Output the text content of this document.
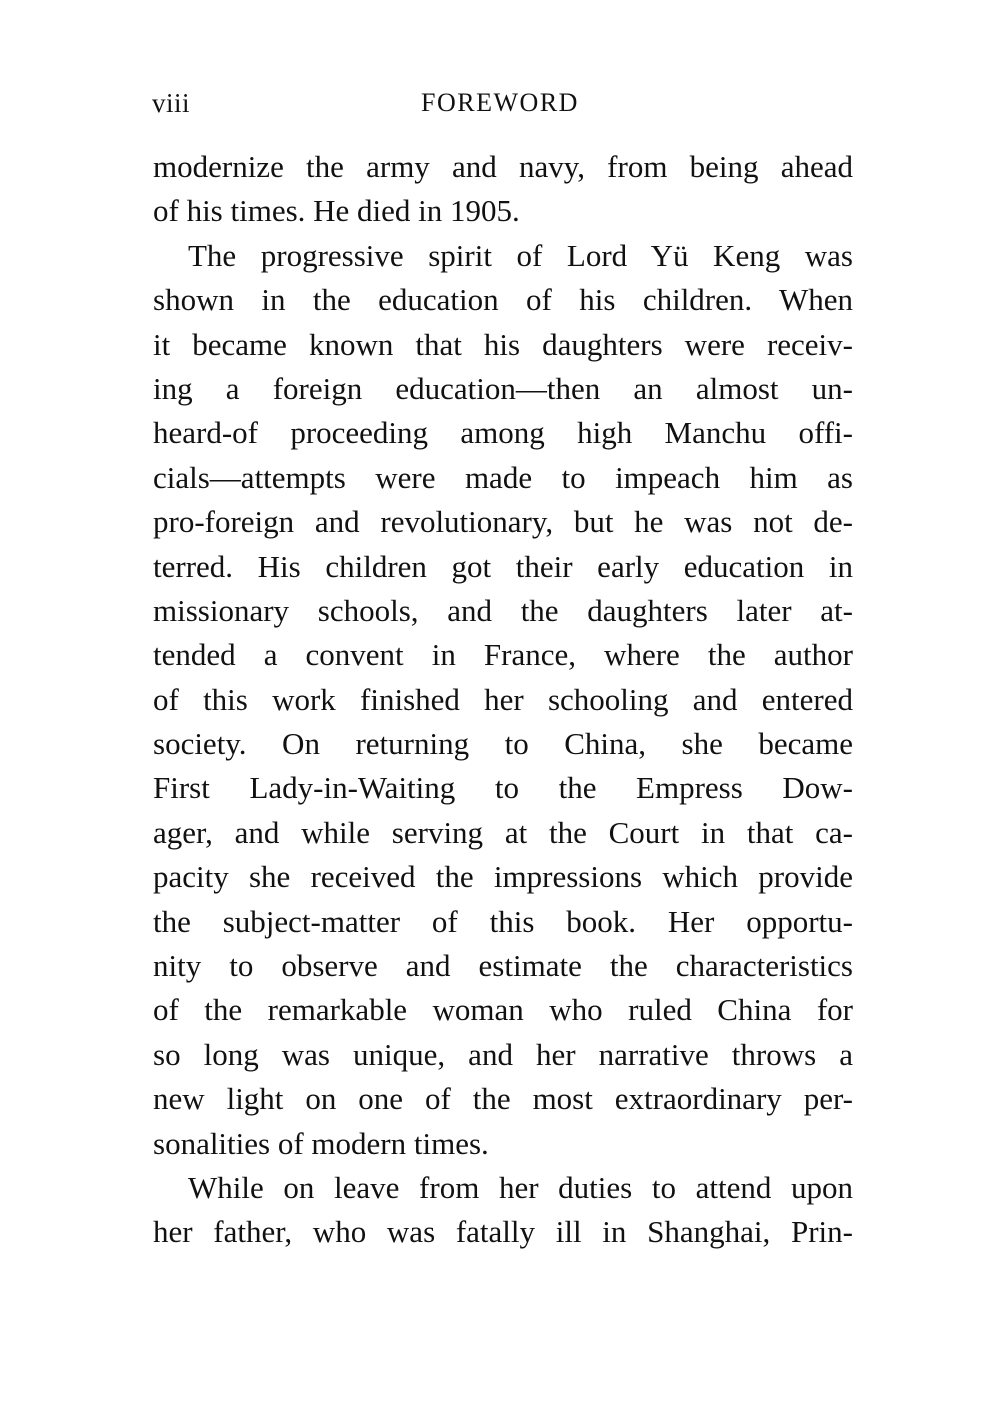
viii	FOREWORD
modernize the army and navy, from being ahead
of his times. He died in 1905.
The progressive spirit of Lord Yü Keng was
shown in the education of his children. When
it became known that his daughters were receiv-
ing a foreign education—then an almost un-
heard-of proceeding among high Manchu offi-
cials—attempts were made to impeach him as
pro-foreign and revolutionary, but he was not de-
terred. His children got their early education in
missionary schools, and the daughters later at-
tended a convent in France, where the author
of this work finished her schooling and entered
society. On returning to China, she became
First Lady-in-Waiting to the Empress Dow-
ager, and while serving at the Court in that ca-
pacity she received the impressions which provide
the subject-matter of this book. Her opportu-
nity to observe and estimate the characteristics
of the remarkable woman who ruled China for
so long was unique, and her narrative throws a
new light on one of the most extraordinary per-
sonalities of modern times.
While on leave from her duties to attend upon
her father, who was fatally ill in Shanghai, Prin-
